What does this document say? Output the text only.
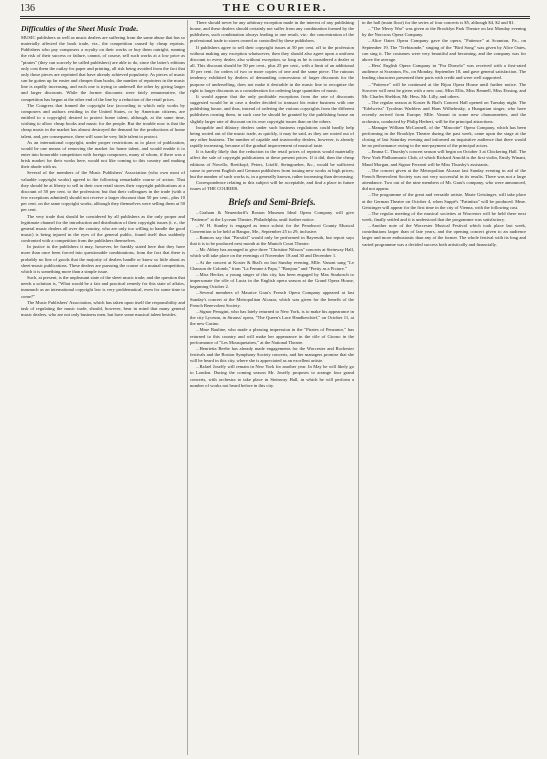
136	THE COURIER.
Difficulties of the Sheet Music Trade.

MUSIC publishers as well as music dealers are suffering from the same abuse that has so materially affected the book trade, viz., the competition caused by cheap reprints. Publishers who pay composers a royalty on their works or buy them outright, running the risk of their success or failure, cannot, of course, sell such works at a low price as "pirates" (they can scarcely be called publishers) are able to do, since the latter's editions only cost them the outlay for paper and printing, all risk being avoided from the fact that only those pieces are reprinted that have already achieved popularity. As pieces of music can be gotten up far easier and cheaper than books, the number of reprinters in the music line is rapidly increasing, and each one is trying to undersell the other by giving larger and larger discounts. While the former discounts were fairly remunerative, the competition has begun at the other end of the line by a reduction of the retail prices.

The Congress that framed the copyright law (according to which only works by composers and authors residing in the United States, or by American citizens, are entitled to a copyright) desired to protect home talent, although, at the same time, wishing to allow cheap books and music for the people. But the trouble now is that the cheap music in the market has almost destroyed the demand for the productions of home talent, and, per consequence, there will soon be very little talent to protect.

As an international copyright, under proper restrictions as to place of publication, would be one means of removing the market for home talent, and would enable it to enter into honorable competition with foreign composers, many of whom, if there was a brisk market for their works here, would not like coming to this country and making their abode with us.

Several of the members of the Music Publishers' Association (who own most of valuable copyright works) agreed to the following remarkable course of action. That they should be at liberty to sell in their own retail stores their copyright publications at a discount of 50 per cent. to the profession; but that their colleagues in the trade (with a few exceptions admitted) should not receive a larger discount than 50 per cent., plus 10 per cent. on the same copyright works, although they themselves were selling them at 50 per cent.

The very trade that should be considered by all publishers as the only proper and legitimate channel for the introduction and distribution of their copyright issues (i. e., the general music dealers all over the country, who are only too willing to handle the good music) is being injured in the eyes of the general public, found itself thus suddenly confronted with a competition from the publishers themselves.

In justice to the publishers it may, however, be frankly stated here that they have more than once been forced into questionable combinations, from the fact that there is probably no line of goods that the majority of dealers handle or know so little about as sheet-music publications. These dealers are pursuing the course of a mutual competition, which it is something more than a simple issue.

Such, at present, is the unpleasant state of the sheet music trade; and the question that needs a solution is, "What would be a fair and practical remedy for this state of affairs, inasmuch as an international copyright law is very problematical, even for some time to come?"

The Music Publishers' Association, which has taken upon itself the responsibility and task of regulating the music trade, should, however, bear in mind that many general music dealers, who are not only business men, but have some musical talent besides.

There should never be any arbitrary exception made in the interest of any publishing house, and these dealers should certainly not suffer from any combination formed by the publishers, such combination always leading to one result, viz.: the concentration of the professional trade to stores owned or controlled by these publishers.

If publishers agree to sell their copyright issues at 50 per cent. off to the profession without making any exception whatsoever, then they should also agree upon a uniform discount to every dealer, also without exception, so long as he is considered a dealer at all. This discount should be 50 per cent., plus 25 per cent., with a limit of an additional 10 per cent. for orders of two or more copies of one and the same piece. The ruinous tendency exhibited by dealers of demanding concessions of larger discounts for the purpose of underselling, does not make it desirable in the music line to recognize the right to larger discounts as a consideration for ordering large quantities of music.

It would appear that the only profitable exceptions from the rate of discounts suggested would be in case a dealer decided to transact his entire business with one publishing house, and thus, instead of ordering the various copyrights from the different publishers owning them, in such case he should be granted by the publishing house an slightly larger rate of discount on its own copyright issues than on the others.

Incapable and dilatory dealers under such business regulations could hardly help being rooted out of the music trade, as quickly, it may be said, as they are rooted out of any other business. The number of capable and trustworthy dealers, however, is already rapidly increasing, because of the gradual improvement of musical taste.

It is hardly likely that the reduction in the retail prices of reprints would materially affect the sale of copyright publications at these present prices. If it did, then the cheap editions of Novello, Breitkopf, Peters, Litolff, Steingraeber, &c., would be sufficient cause to prevent English and German publishers from issuing new works at high prices; but the number of such works is, in a generally known, rather increasing than decreasing.

Correspondence relating to this subject will be acceptable, and find a place in future issues of THE COURIER.

Briefs and Semi-Briefs.

...Graham & Neuendorff's Boston Museum Ideal Opera Company will give "Patience" at the Lyceum Theatre, Philadelphia, until further notice.

...W. H. Stanley is engaged as tenor soloist for the Penobscot County Musical Convention to be held at Bangor, Me., September 25 to 29, inclusive.

...Rumors say that "Parsifal" would only be performed in Bayreuth, but report says that it is to be produced next month at the Munich Court Theatre.

...Mr. Abbey has arranged to give three "Christine Nilsson" concerts at Steinway Hall, which will take place on the evenings of November 18 and 30 and December 1.

...At the concert at Koster & Bial's on last Sunday evening, Mlle. Vanoni sang "Le Chanson de Colomb," from "La Femme à Papa," "Bonjour" and "Pretty as a Picture."

...Miss Hecker, a young singer of this city, has been engaged by Max Strakosch to impersonate the rôle of Lucia in the English opera season at the Grand Opera House, beginning October 2.

...Several members of Maurice Grau's French Opera Company appeared at last Sunday's concert at the Metropolitan Alcazar, which was given for the benefit of the French Benevolent Society.

...Signor Perugini, who has lately returned to New York, is to make his appearance in the city Lyceum, in Strauss' opera, "The Queen's Lace Handkerchief," on October 11, at the new Casino.

...Mme Bauline, who made a pleasing impression in the "Pirates of Penzance," has returned to this country and will make her appearance in the rôle of Giorno in the performance of "Les Mousquetaires," at the National Theatre.

...Henrietta Beebe has already made engagements for the Worcester and Rochester festivals and the Boston Symphony Society concerts, and her managers promise that she will be heard in this city, where she is appreciated as an excellent artiste.

...Rafael Joseffy will remain in New York for another year. In May he will likely go to London. During the coming season Mr. Joseffy proposes to arrange four grand concerts, with orchestra to take place in Steinway Hall, in which he will perform a number of works not heard before in this city.

in the hall (main floor) for the series of four concerts is $5, although $4, $2 and $1.

..."The Merry War" was given at the Brooklyn Park Theatre on last Monday evening by the Norcross Opera Company.

...Alice Oates Opera Company gave the opera, "Patience" at Scranton, Pa., on September 19. The "Trebizonde," singing of the "Bird Song" was given by Alice Oates, can sing it. The costumes were very beautiful and becoming, and the company was for above the average.

...Hess' English Opera Company in "Fra Diavolo" was received with a first-rated audience at Scranton, Pa., on Monday, September 18, and gave general satisfaction. The leading characters presented their parts with credit and were well supported.

..."Patience" will be continued at the Bijou Opera House until further notice. The Sorcerer will next be given with a new cast, Miss Ellis, Miss Rennell, Miss Eissing, and Mr. Charles Sheldon, Mr. Hess, Mr. Lilly, and others.

...The regular season at Koster & Bial's Concert Hall opened on Tuesday night. The "Edelweiss" Tyrolean Warblers and Hans Wilhelmsky, a Hungarian singer, who have recently arrived from Europe; Mlle. Vanoni in some new chansonnettes, and the orchestra, conducted by Philip Herbert, will be the principal attractions.

...Manager William McConnell, of the "Mascotte" Opera Company, which has been performing in the Brooklyn Theatre during the past week, came upon the stage at the closing of last Saturday evening and informed an inquisitive audience that there would be no performance owing to the non-payment of the principal actors.

...Emma C. Thursby's concert season will begin on October 3 at Chickering Hall. The New York Philharmonic Club, of which Richard Arnold is the first violin, Emily Winant, Maud Morgan, and Signor Ferranti will be Miss Thursby's assistants.

...The concert given at the Metropolitan Alcazar last Sunday evening in aid of the French Benevolent Society was not very successful in its results. There was not a large attendance. Two out of the nine members of Mr. Grau's company, who were announced, did not appear.

...The programme of the great and versatile artiste, Marie Geistinger, will take place at the German Theatre on October 4, when Suppé's "Fatinitza" will be produced. Mme. Geistinger will appear for the first time in the city of Vienna, with the following cast.

...The regular meeting of the musical societies at Worcester will be held there next week, finally settled and it is understood that the programme was satisfactory.

...Another note of the Worcester Musical Festival which took place last week, contributions larger than of late years, and the opening concert given to an audience larger and more enthusiastic than any of the former. The whole festival with its long and varied programme was a decided success both artistically and financially.
